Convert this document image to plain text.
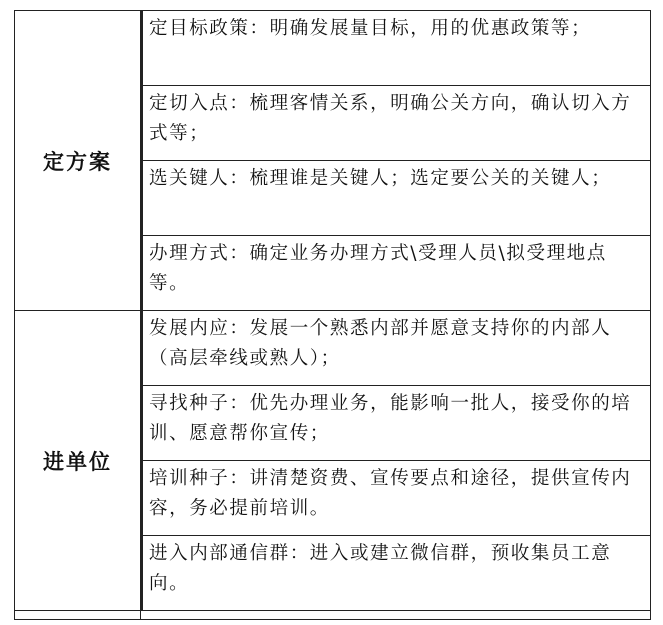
定方案	定目标政策：明确发展量目标，用的优惠政策等；

	定切入点：梳理客情关系，明确公关方向，确认切入方式等；

	选关键人：梳理谁是关键人；选定要公关的关键人；

	办理方式：确定业务办理方式\受理人员\拟受理地点等。

进单位	发展内应：发展一个熟悉内部并愿意支持你的内部人（高层牵线或熟人）；

	寻找种子：优先办理业务，能影响一批人，接受你的培训、愿意帮你宣传；

	培训种子：讲清楚资费、宣传要点和途径，提供宣传内容，务必提前培训。

	进入内部通信群：进入或建立微信群，预收集员工意向。
